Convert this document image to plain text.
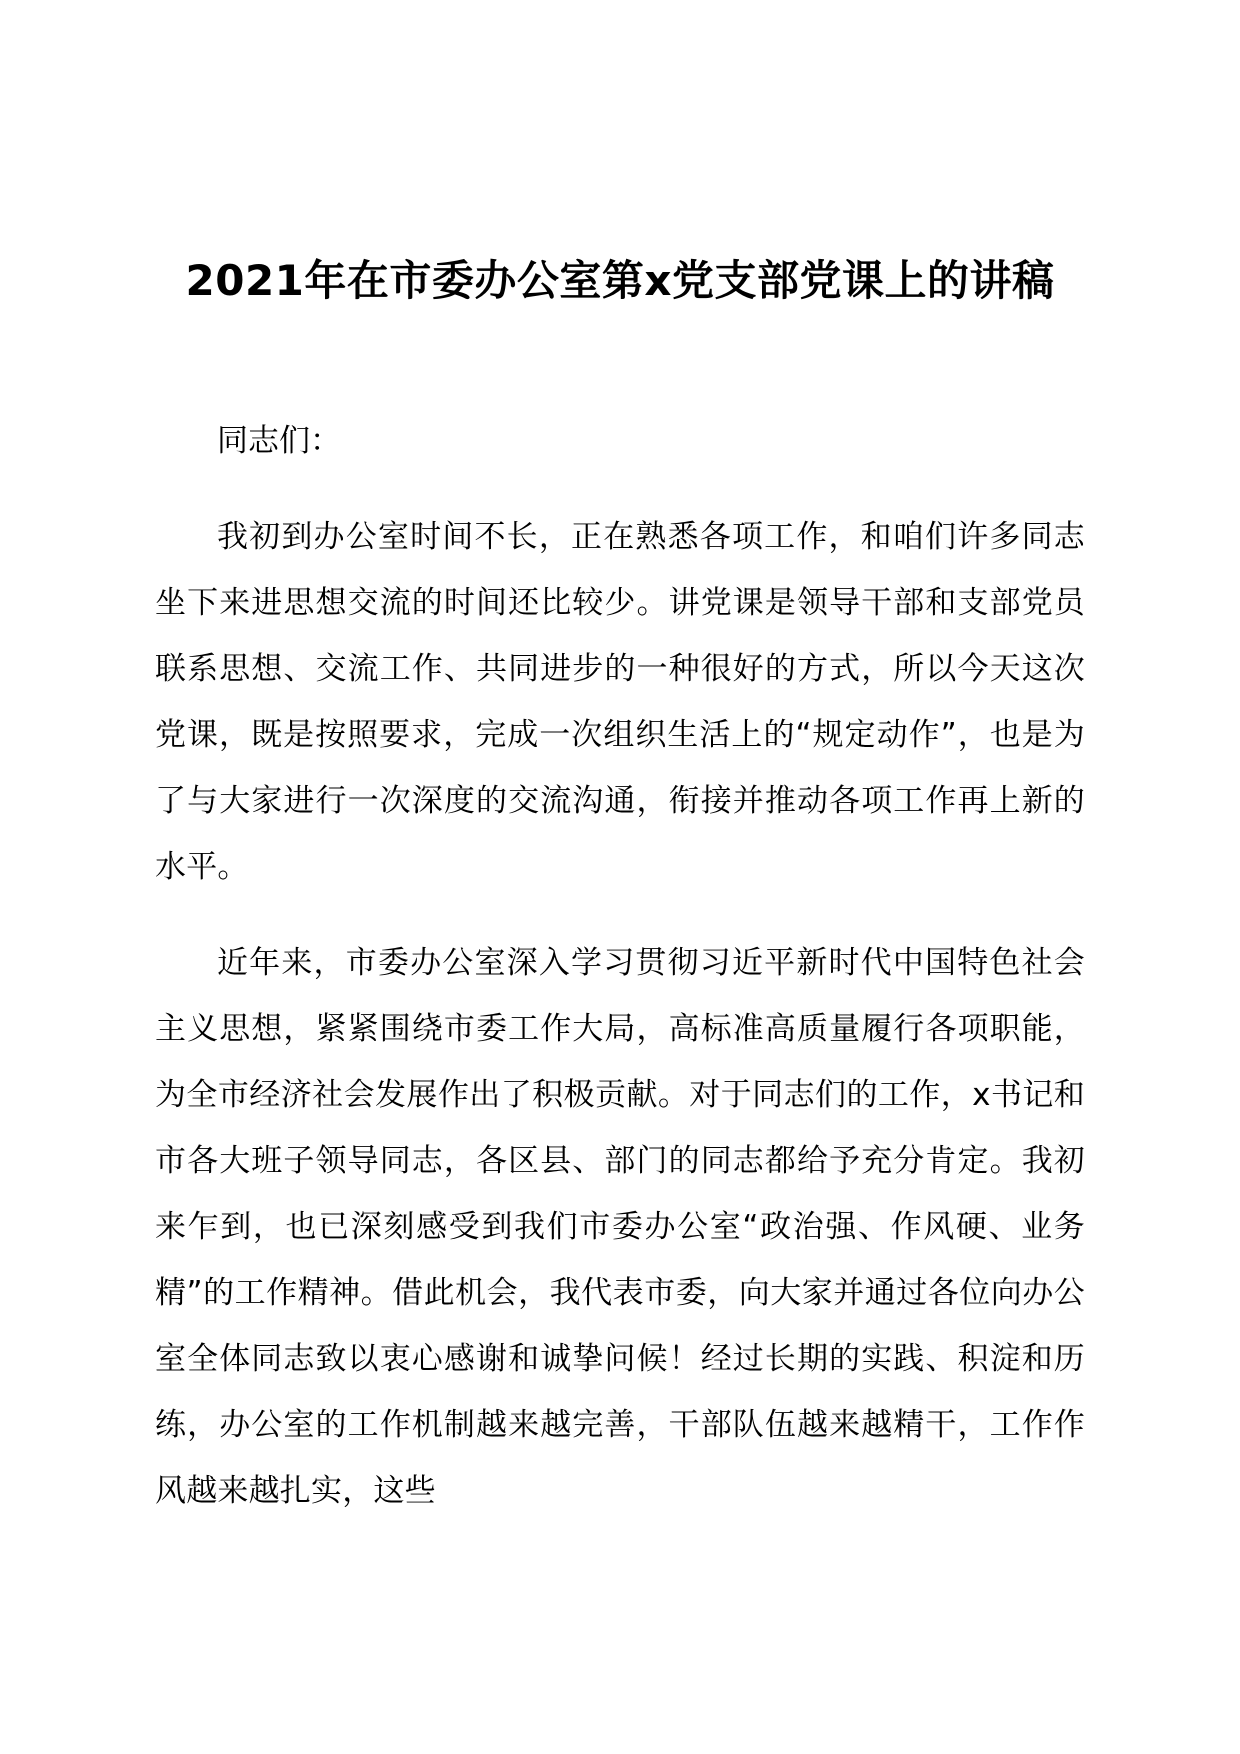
2021年在市委办公室第x党支部党课上的讲稿

同志们：

我初到办公室时间不长，正在熟悉各项工作，和咱们许多同志坐下来进思想交流的时间还比较少。讲党课是领导干部和支部党员联系思想、交流工作、共同进步的一种很好的方式，所以今天这次党课，既是按照要求，完成一次组织生活上的“规定动作”，也是为了与大家进行一次深度的交流沟通，衔接并推动各项工作再上新的水平。

近年来，市委办公室深入学习贯彻习近平新时代中国特色社会主义思想，紧紧围绕市委工作大局，高标准高质量履行各项职能，为全市经济社会发展作出了积极贡献。对于同志们的工作，x书记和市各大班子领导同志，各区县、部门的同志都给予充分肯定。我初来乍到，也已深刻感受到我们市委办公室“政治强、作风硬、业务精”的工作精神。借此机会，我代表市委，向大家并通过各位向办公室全体同志致以衷心感谢和诚挚问候！经过长期的实践、积淀和历练，办公室的工作机制越来越完善，干部队伍越来越精干，工作作风越来越扎实，这些
